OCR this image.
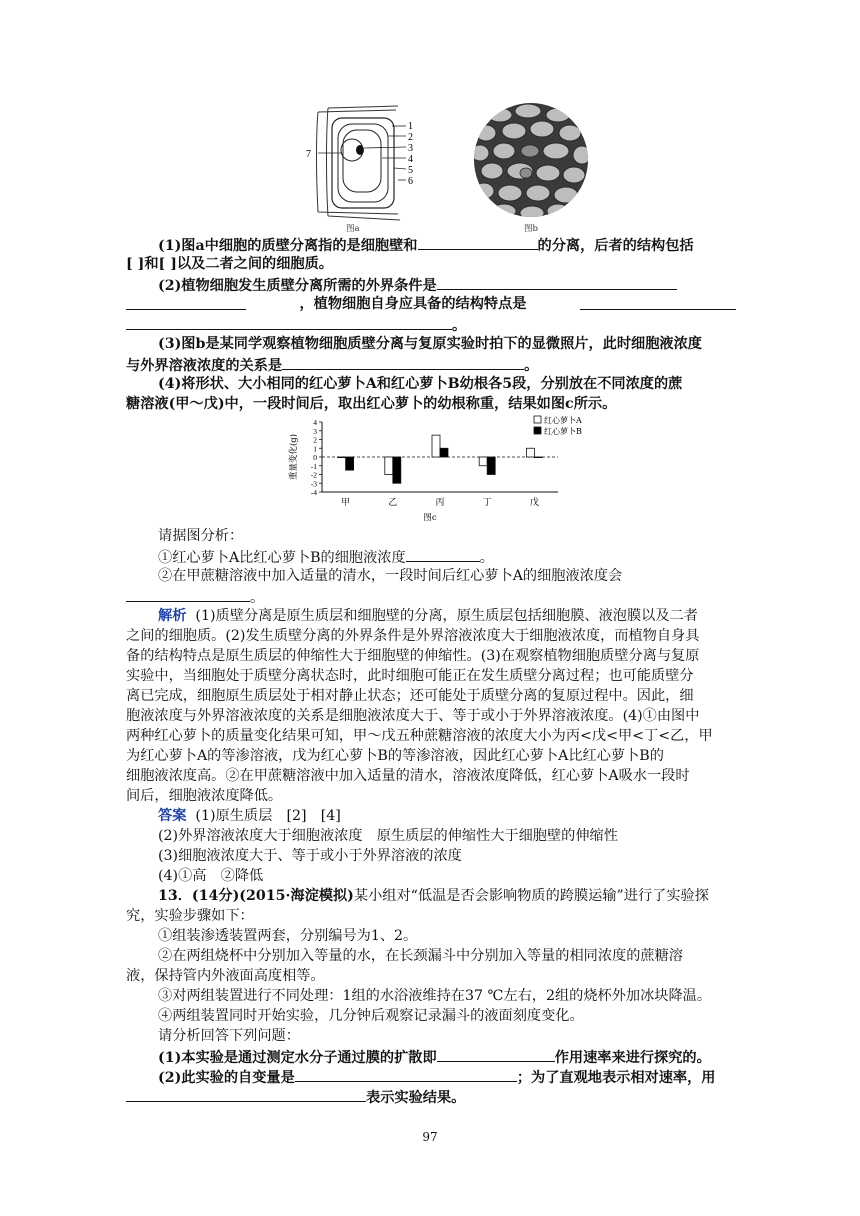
1
2
3
4
5
6
7
图a	图b
(1)图a中细胞的质壁分离指的是细胞壁和	的分离，后者的结构包括
[ ]和[ ]以及二者之间的细胞质。
(2)植物细胞发生质壁分离所需的外界条件是
，植物细胞自身应具备的结构特点是
。
(3)图b是某同学观察植物细胞质壁分离与复原实验时拍下的显微照片，此时细胞液浓度
与外界溶液浓度的关系是	。
(4)将形状、大小相同的红心萝卜A和红心萝卜B幼根各5段，分别放在不同浓度的蔗
糖溶液(甲～戊)中，一段时间后，取出红心萝卜的幼根称重，结果如图c所示。
4
3
2
1
0
-1
-2
-3
-4
重量变化(g)
甲	乙	丙	丁	戊
红心萝卜A
红心萝卜B
图c
请据图分析：
①红心萝卜A比红心萝卜B的细胞液浓度	。
②在甲蔗糖溶液中加入适量的清水，一段时间后红心萝卜A的细胞液浓度会
。
解析 (1)质壁分离是原生质层和细胞壁的分离，原生质层包括细胞膜、液泡膜以及二者
之间的细胞质。(2)发生质壁分离的外界条件是外界溶液浓度大于细胞液浓度，而植物自身具
备的结构特点是原生质层的伸缩性大于细胞壁的伸缩性。(3)在观察植物细胞质壁分离与复原
实验中，当细胞处于质壁分离状态时，此时细胞可能正在发生质壁分离过程；也可能质壁分
离已完成，细胞原生质层处于相对静止状态；还可能处于质壁分离的复原过程中。因此，细
胞液浓度与外界溶液浓度的关系是细胞液浓度大于、等于或小于外界溶液浓度。(4)①由图中
两种红心萝卜的质量变化结果可知，甲～戊五种蔗糖溶液的浓度大小为丙<戊<甲<丁<乙，甲
为红心萝卜A的等渗溶液，戊为红心萝卜B的等渗溶液，因此红心萝卜A比红心萝卜B的
细胞液浓度高。②在甲蔗糖溶液中加入适量的清水，溶液浓度降低，红心萝卜A吸水一段时
间后，细胞液浓度降低。
答案 (1)原生质层　[2]　[4]
(2)外界溶液浓度大于细胞液浓度　原生质层的伸缩性大于细胞壁的伸缩性
(3)细胞液浓度大于、等于或小于外界溶液的浓度
(4)①高　②降低
13．(14分)(2015·海淀模拟)某小组对“低温是否会影响物质的跨膜运输”进行了实验探
究，实验步骤如下：
①组装渗透装置两套，分别编号为1、2。
②在两组烧杯中分别加入等量的水，在长颈漏斗中分别加入等量的相同浓度的蔗糖溶
液，保持管内外液面高度相等。
③对两组装置进行不同处理：1组的水浴液维持在37 ℃左右，2组的烧杯外加冰块降温。
④两组装置同时开始实验，几分钟后观察记录漏斗的液面刻度变化。
请分析回答下列问题：
(1)本实验是通过测定水分子通过膜的扩散即	作用速率来进行探究的。
(2)此实验的自变量是	；为了直观地表示相对速率，用
表示实验结果。
97
